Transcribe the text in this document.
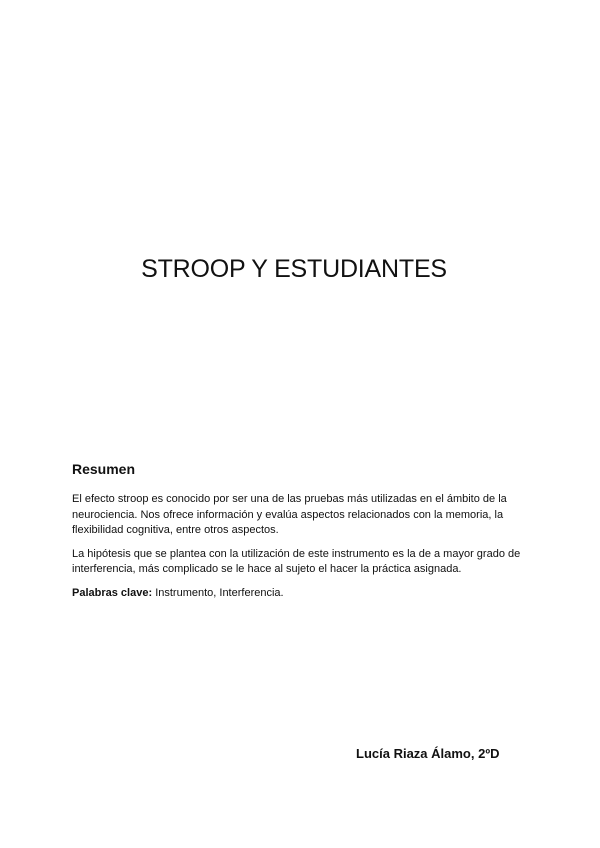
STROOP Y ESTUDIANTES
Resumen

El efecto stroop es conocido por ser una de las pruebas más utilizadas en el ámbito de la neurociencia. Nos ofrece información y evalúa aspectos relacionados con la memoria, la flexibilidad cognitiva, entre otros aspectos.

La hipótesis que se plantea con la utilización de este instrumento es la de a mayor grado de interferencia, más complicado se le hace al sujeto el hacer la práctica asignada.

Palabras clave: Instrumento, Interferencia.

Lucía Riaza Álamo, 2ºD
